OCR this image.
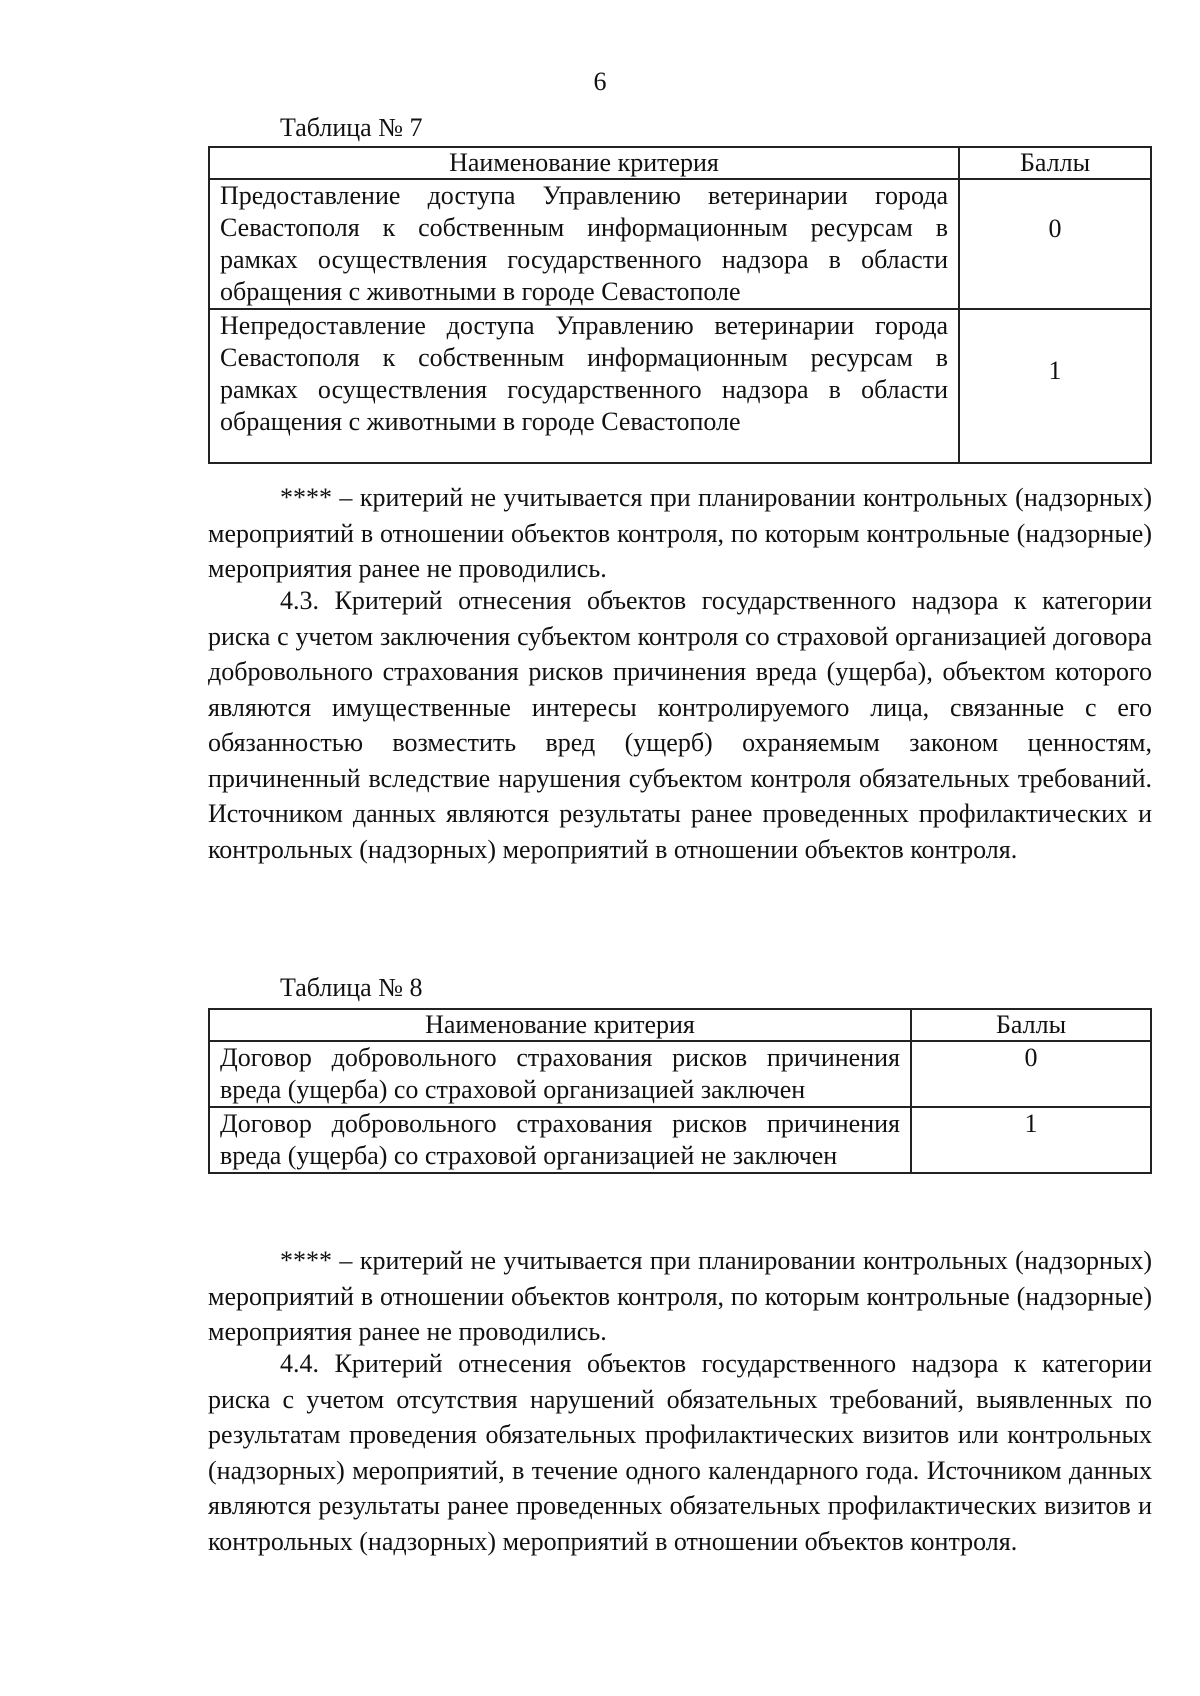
6
Таблица № 7
Наименование критерия	Баллы
Предоставление доступа Управлению ветеринарии города Севастополя к собственным информационным ресурсам в рамках осуществления государственного надзора в области обращения с животными в городе Севастополе	0

Непредоставление доступа Управлению ветеринарии города Севастополя к собственным информационным ресурсам в рамках осуществления государственного надзора в области обращения с животными в городе Севастополе	1

**** – критерий не учитывается при планировании контрольных (надзорных) мероприятий в отношении объектов контроля, по которым контрольные (надзорные) мероприятия ранее не проводились.

4.3. Критерий отнесения объектов государственного надзора к категории риска с учетом заключения субъектом контроля со страховой организацией договора добровольного страхования рисков причинения вреда (ущерба), объектом которого являются имущественные интересы контролируемого лица, связанные с его обязанностью возместить вред (ущерб) охраняемым законом ценностям, причиненный вследствие нарушения субъектом контроля обязательных требований. Источником данных являются результаты ранее проведенных профилактических и контрольных (надзорных) мероприятий в отношении объектов контроля.

Таблица № 8
Наименование критерия	Баллы
Договор добровольного страхования рисков причинения вреда (ущерба) со страховой организацией заключен	0

Договор добровольного страхования рисков причинения вреда (ущерба) со страховой организацией не заключен	1

**** – критерий не учитывается при планировании контрольных (надзорных) мероприятий в отношении объектов контроля, по которым контрольные (надзорные) мероприятия ранее не проводились.

4.4. Критерий отнесения объектов государственного надзора к категории риска с учетом отсутствия нарушений обязательных требований, выявленных по результатам проведения обязательных профилактических визитов или контрольных (надзорных) мероприятий, в течение одного календарного года. Источником данных являются результаты ранее проведенных обязательных профилактических визитов и контрольных (надзорных) мероприятий в отношении объектов контроля.
